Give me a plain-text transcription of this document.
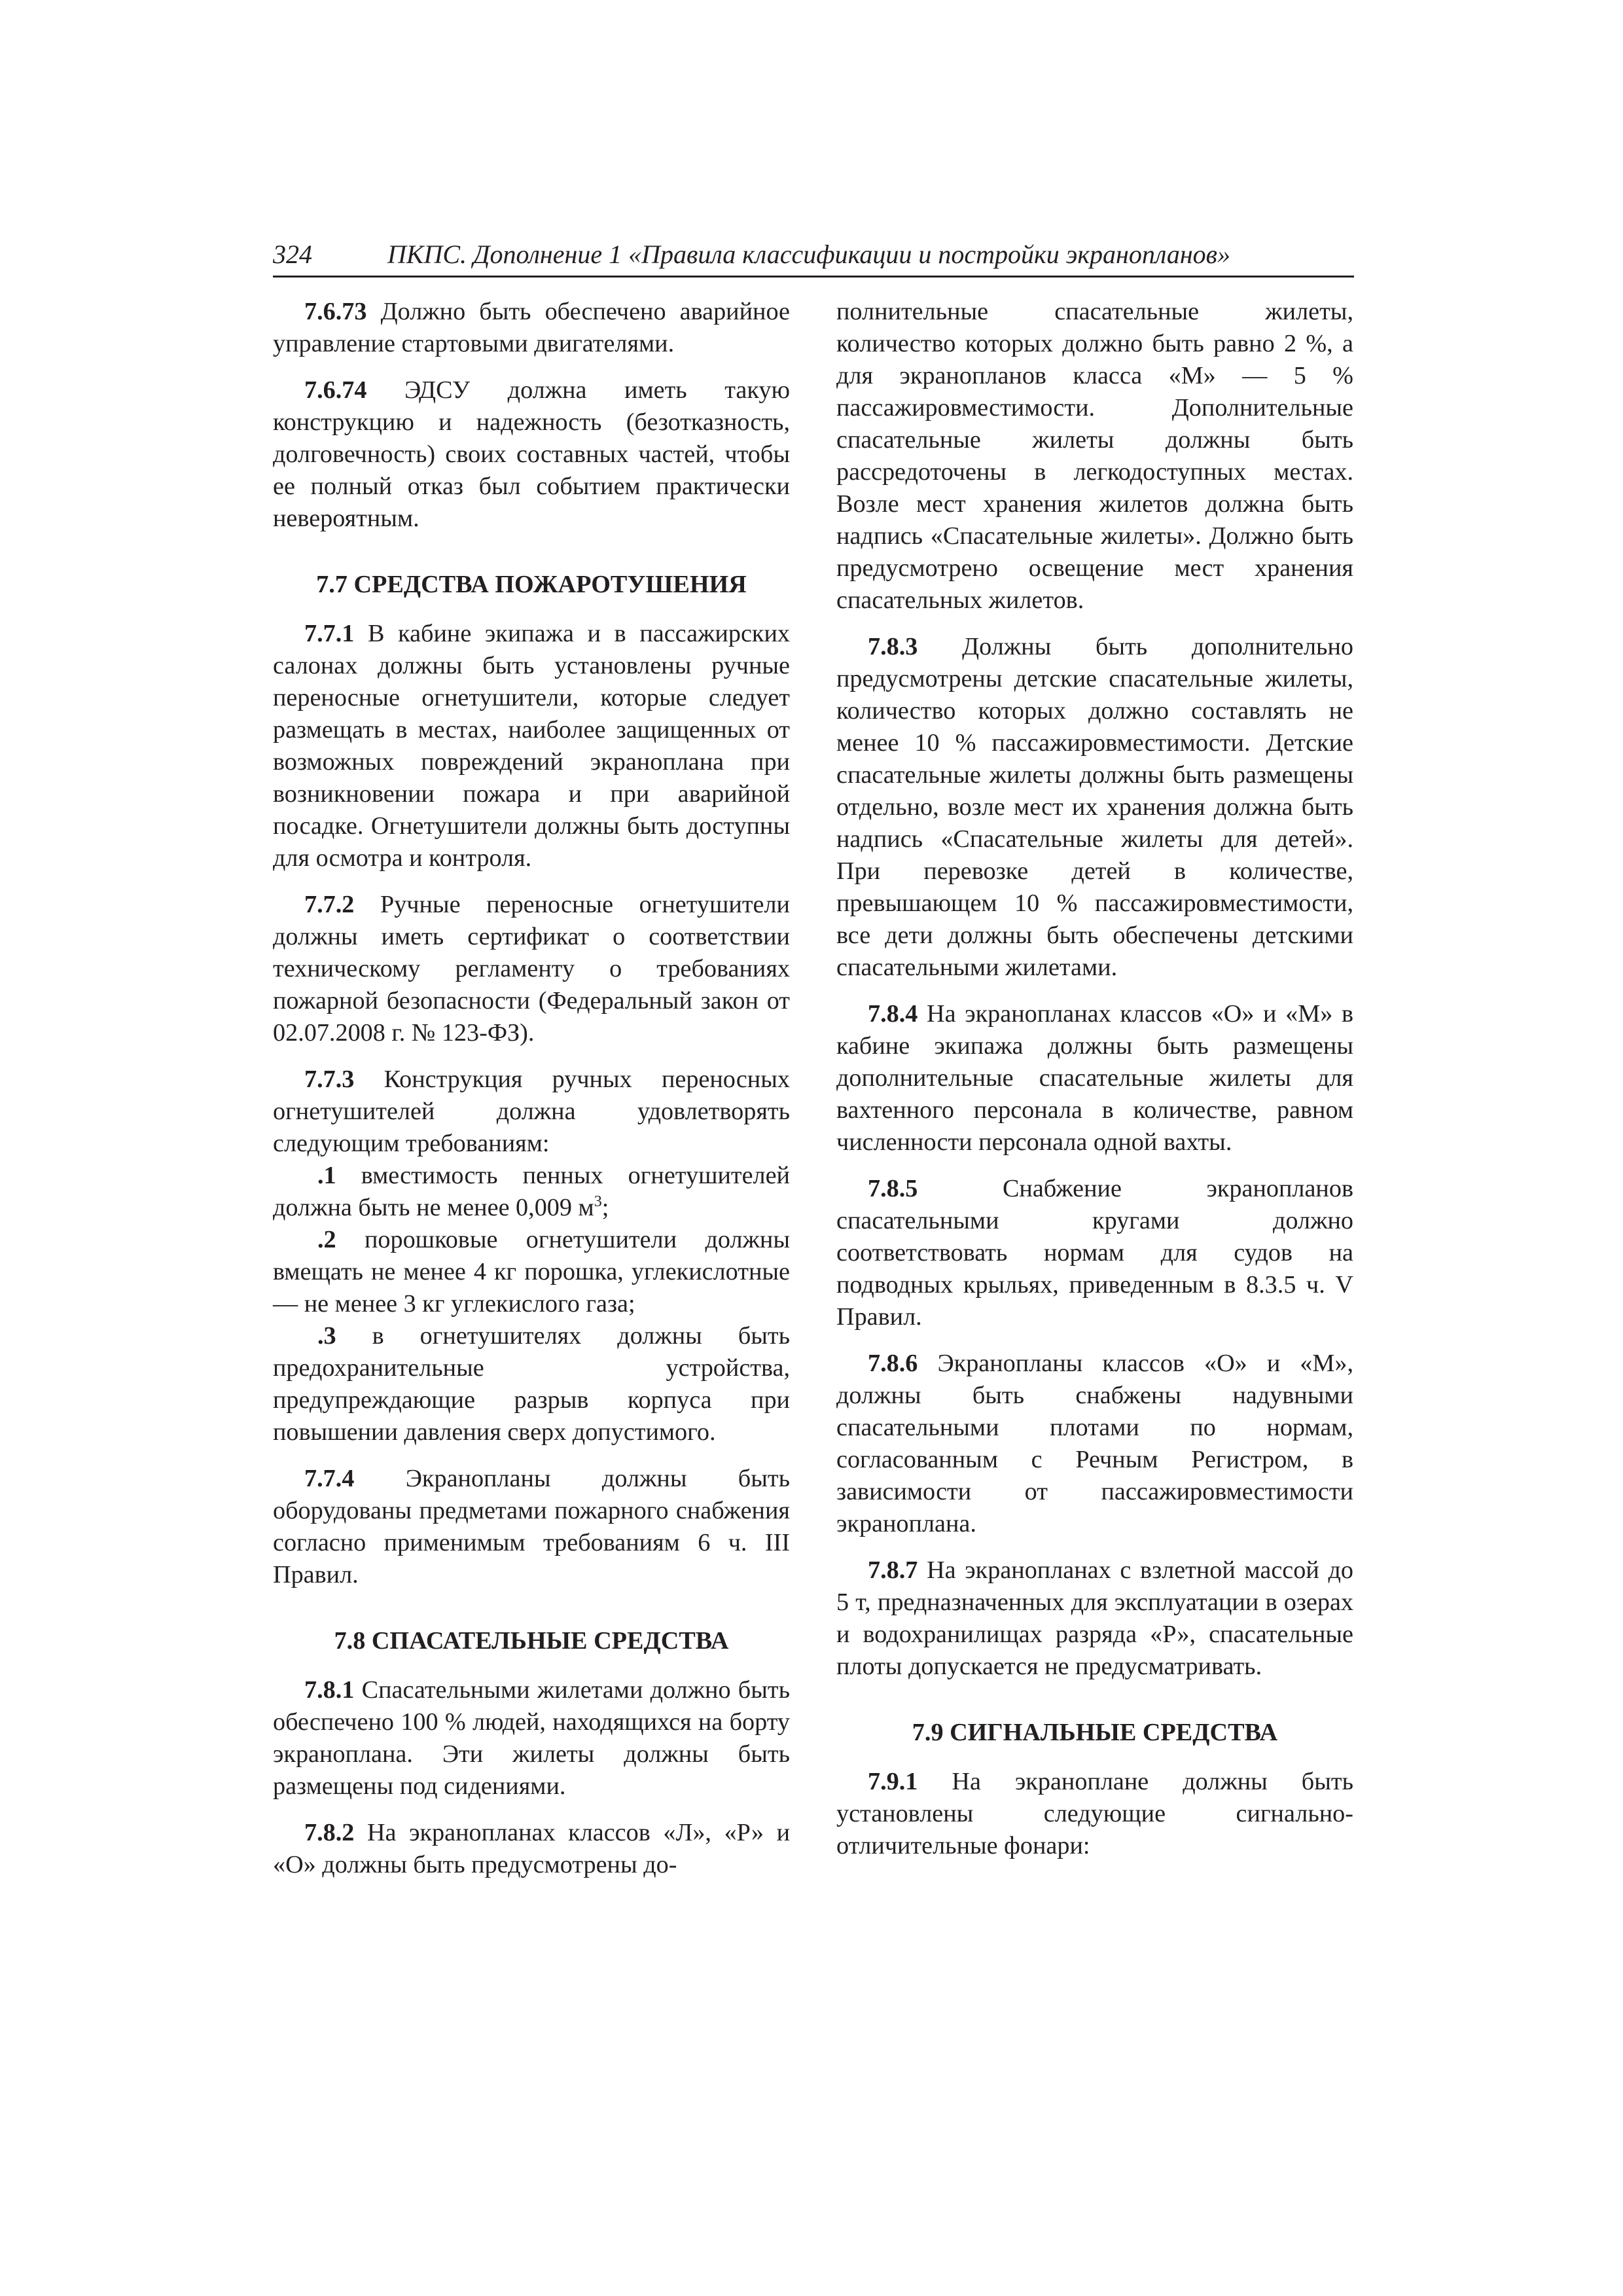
324	ПКПС. Дополнение 1 «Правила классификации и постройки экранопланов»

7.6.73 Должно быть обеспечено аварийное управление стартовыми двигателями.

7.6.74 ЭДСУ должна иметь такую конструкцию и надежность (безотказность, долговечность) своих составных частей, чтобы ее полный отказ был событием практически невероятным.

7.7 СРЕДСТВА ПОЖАРОТУШЕНИЯ

7.7.1 В кабине экипажа и в пассажирских салонах должны быть установлены ручные переносные огнетушители, которые следует размещать в местах, наиболее защищенных от возможных повреждений экраноплана при возникновении пожара и при аварийной посадке. Огнетушители должны быть доступны для осмотра и контроля.

7.7.2 Ручные переносные огнетушители должны иметь сертификат о соответствии техническому регламенту о требованиях пожарной безопасности (Федеральный закон от 02.07.2008 г. № 123-ФЗ).

7.7.3 Конструкция ручных переносных огнетушителей должна удовлетворять следующим требованиям:

.1 вместимость пенных огнетушителей должна быть не менее 0,009 $м^3$;

.2 порошковые огнетушители должны вмещать не менее 4 кг порошка, углекислотные — не менее 3 кг углекислого газа;

.3 в огнетушителях должны быть предохранительные устройства, предупреждающие разрыв корпуса при повышении давления сверх допустимого.

7.7.4 Экранопланы должны быть оборудованы предметами пожарного снабжения согласно применимым требованиям 6 ч. III Правил.

7.8 СПАСАТЕЛЬНЫЕ СРЕДСТВА

7.8.1 Спасательными жилетами должно быть обеспечено 100 % людей, находящихся на борту экраноплана. Эти жилеты должны быть размещены под сидениями.

7.8.2 На экранопланах классов «Л», «Р» и «О» должны быть предусмотрены до-

полнительные спасательные жилеты, количество которых должно быть равно 2 %, а для экранопланов класса «М» — 5 % пассажировместимости. Дополнительные спасательные жилеты должны быть рассредоточены в легкодоступных местах. Возле мест хранения жилетов должна быть надпись «Спасательные жилеты». Должно быть предусмотрено освещение мест хранения спасательных жилетов.

7.8.3 Должны быть дополнительно предусмотрены детские спасательные жилеты, количество которых должно составлять не менее 10 % пассажировместимости. Детские спасательные жилеты должны быть размещены отдельно, возле мест их хранения должна быть надпись «Спасательные жилеты для детей». При перевозке детей в количестве, превышающем 10 % пассажировместимости, все дети должны быть обеспечены детскими спасательными жилетами.

7.8.4 На экранопланах классов «О» и «М» в кабине экипажа должны быть размещены дополнительные спасательные жилеты для вахтенного персонала в количестве, равном численности персонала одной вахты.

7.8.5	Снабжение экранопланов спасательными кругами должно соответствовать нормам для судов на подводных крыльях, приведенным в 8.3.5 ч. V Правил.

7.8.6 Экранопланы классов «О» и «М», должны быть снабжены надувными спасательными плотами по нормам, согласованным с Речным Регистром, в зависимости от пассажировместимости экраноплана.

7.8.7 На экранопланах с взлетной массой до 5 т, предназначенных для эксплуатации в озерах и водохранилищах разряда «Р», спасательные плоты допускается не предусматривать.

7.9 СИГНАЛЬНЫЕ СРЕДСТВА

7.9.1 На экраноплане должны быть установлены следующие сигнально-отличительные фонари:
